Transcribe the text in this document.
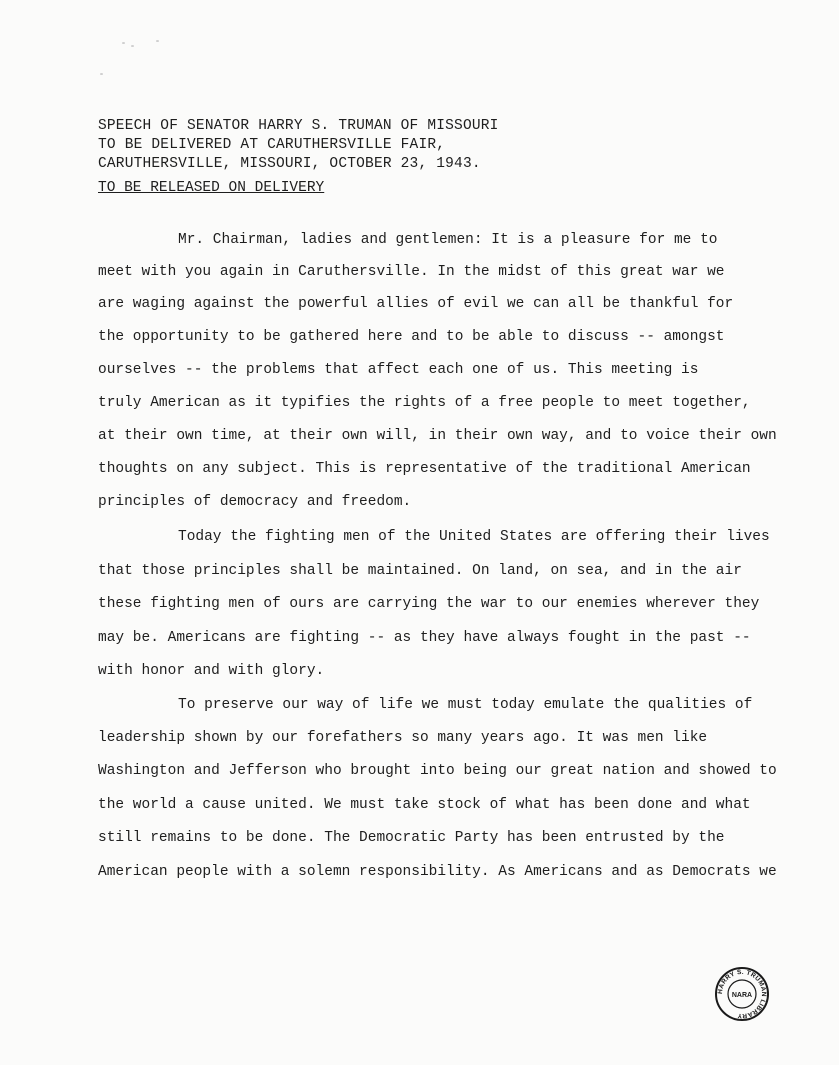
SPEECH OF SENATOR HARRY S. TRUMAN OF MISSOURI
TO BE DELIVERED AT CARUTHERSVILLE FAIR,
CARUTHERSVILLE, MISSOURI, OCTOBER 23, 1943.
TO BE RELEASED ON DELIVERY
Mr. Chairman, ladies and gentlemen: It is a pleasure for me to
meet with you again in Caruthersville. In the midst of this great war we
are waging against the powerful allies of evil we can all be thankful for
the opportunity to be gathered here and to be able to discuss -- amongst
ourselves -- the problems that affect each one of us. This meeting is
truly American as it typifies the rights of a free people to meet together,
at their own time, at their own will, in their own way, and to voice their own
thoughts on any subject. This is representative of the traditional American
principles of democracy and freedom.
Today the fighting men of the United States are offering their lives
that those principles shall be maintained. On land, on sea, and in the air
these fighting men of ours are carrying the war to our enemies wherever they
may be. Americans are fighting -- as they have always fought in the past --
with honor and with glory.
To preserve our way of life we must today emulate the qualities of
leadership shown by our forefathers so many years ago. It was men like
Washington and Jefferson who brought into being our great nation and showed to
the world a cause united. We must take stock of what has been done and what
still remains to be done. The Democratic Party has been entrusted by the
American people with a solemn responsibility. As Americans and as Democrats we
HARRY S. TRUMAN LIBRARY
NARA
